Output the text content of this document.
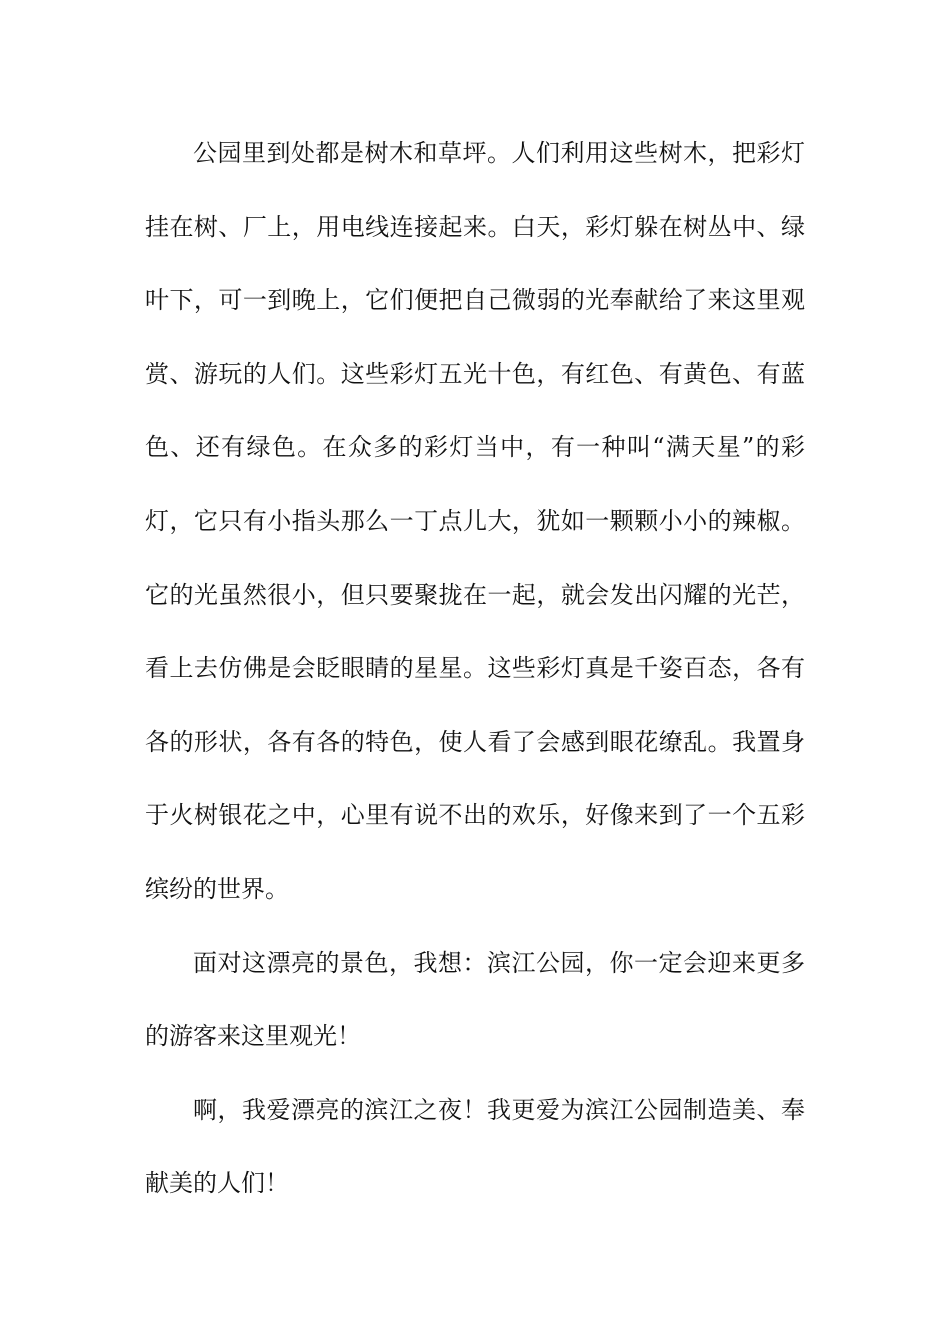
公园里到处都是树木和草坪。人们利用这些树木，把彩灯
挂在树、厂上，用电线连接起来。白天，彩灯躲在树丛中、绿
叶下，可一到晚上，它们便把自己微弱的光奉献给了来这里观
赏、游玩的人们。这些彩灯五光十色，有红色、有黄色、有蓝
色、还有绿色。在众多的彩灯当中，有一种叫“满天星”的彩
灯，它只有小指头那么一丁点儿大，犹如一颗颗小小的辣椒。
它的光虽然很小，但只要聚拢在一起，就会发出闪耀的光芒，
看上去仿佛是会眨眼睛的星星。这些彩灯真是千姿百态，各有
各的形状，各有各的特色，使人看了会感到眼花缭乱。我置身
于火树银花之中，心里有说不出的欢乐，好像来到了一个五彩
缤纷的世界。
面对这漂亮的景色，我想：滨江公园，你一定会迎来更多
的游客来这里观光！
啊，我爱漂亮的滨江之夜！我更爱为滨江公园制造美、奉
献美的人们！
